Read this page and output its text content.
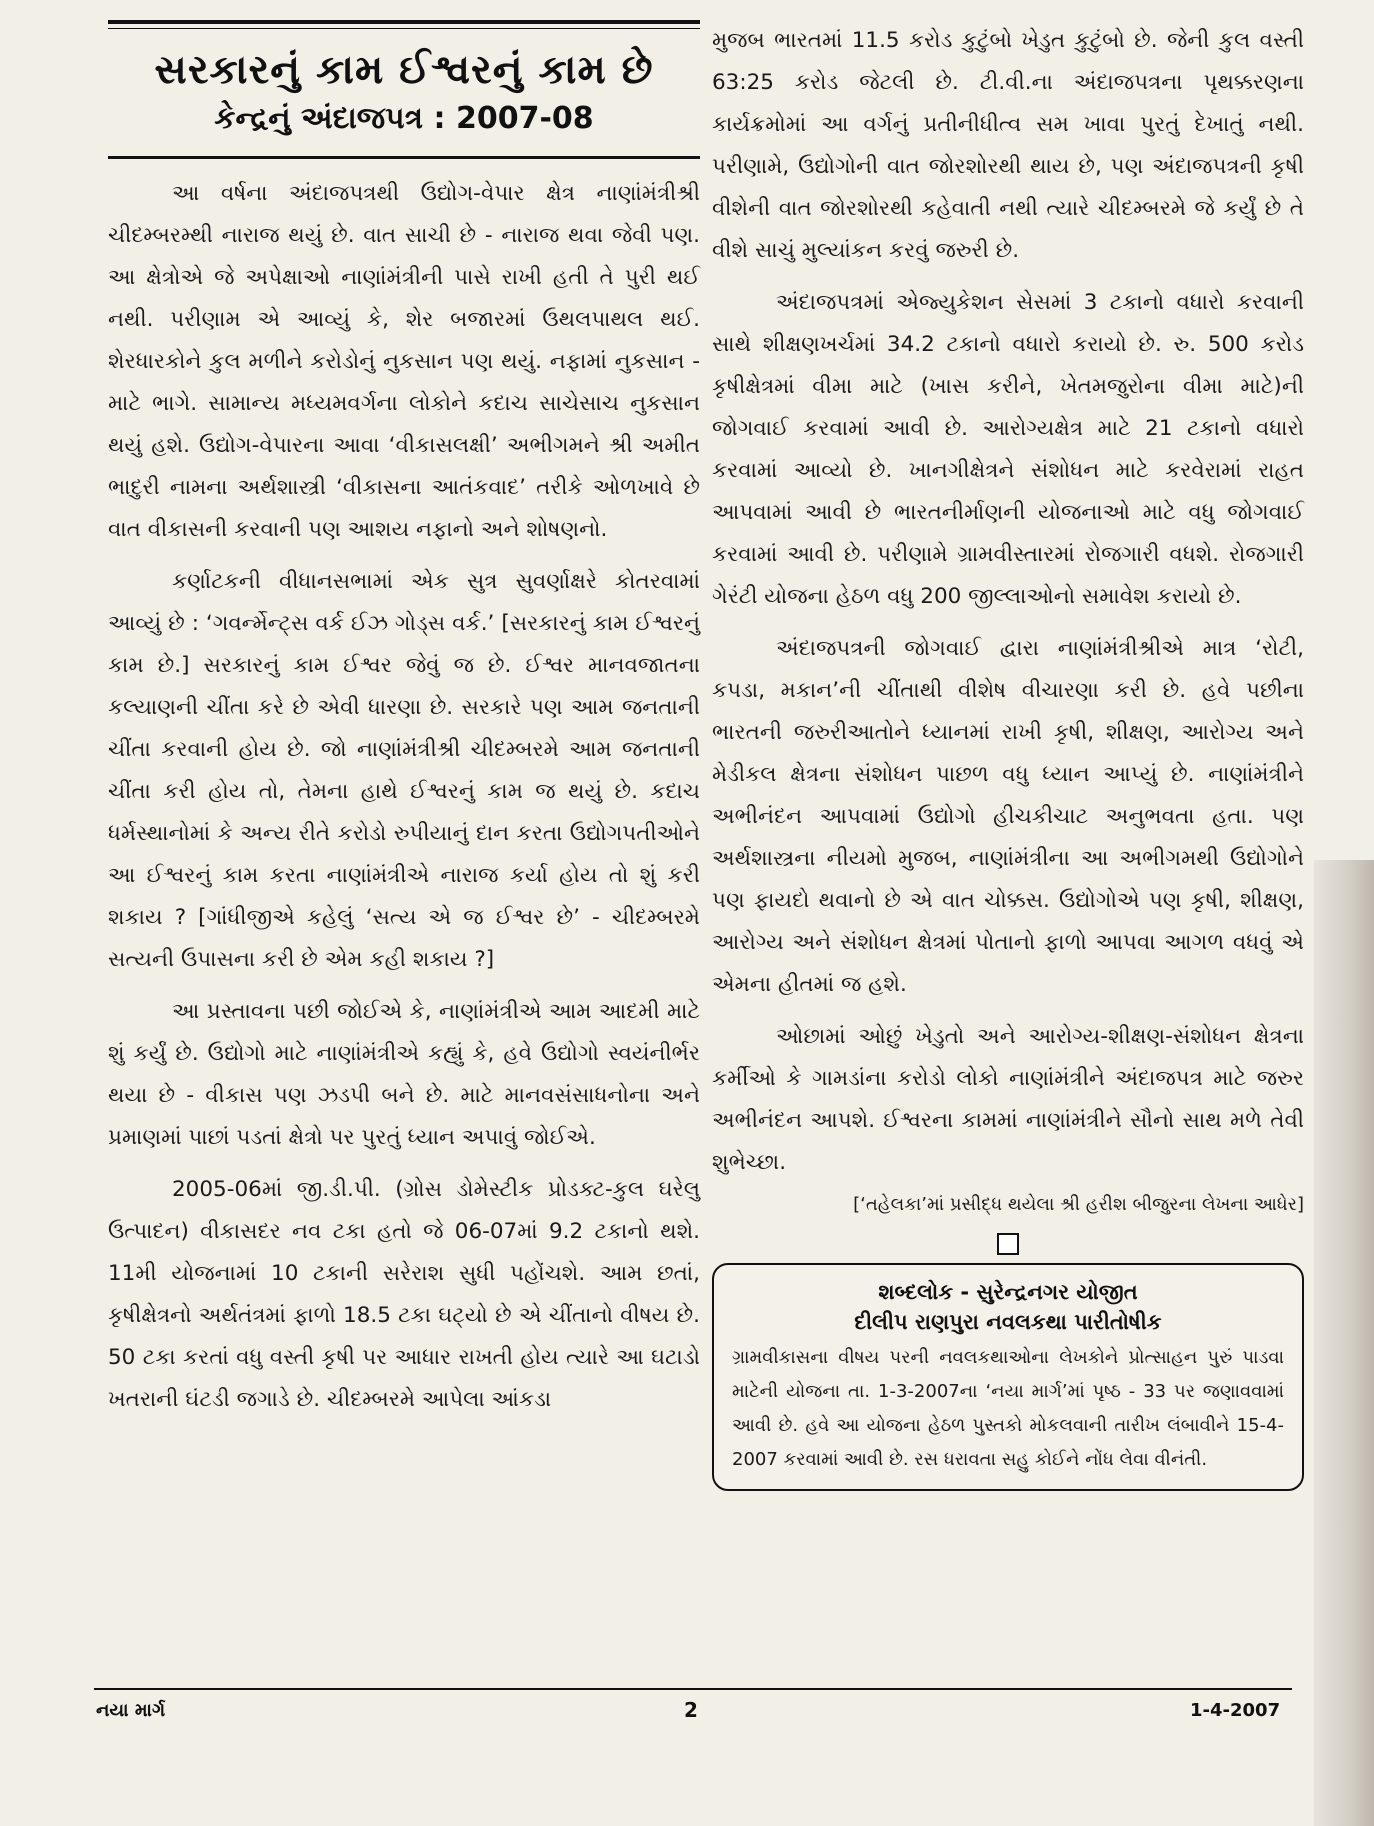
સરકારનું કામ ઈશ્વરનું કામ છે
કેન્દ્રનું અંદાજપત્ર : 2007-08

આ વર્ષના અંદાજપત્રથી ઉદ્યોગ-વેપાર ક્ષેત્ર નાણાંમંત્રીશ્રી ચીદમ્બરમ્થી નારાજ થયું છે. વાત સાચી છે - નારાજ થવા જેવી પણ. આ ક્ષેત્રોએ જે અપેક્ષાઓ નાણાંમંત્રીની પાસે રાખી હતી તે પુરી થઈ નથી. પરીણામ એ આવ્યું કે, શેર બજારમાં ઉથલપાથલ થઈ. શેરધારકોને કુલ મળીને કરોડોનું નુકસાન પણ થયું. નફામાં નુકસાન - માટે ભાગે. સામાન્ય મધ્યમવર્ગના લોકોને કદાચ સાચેસાચ નુકસાન થયું હશે. ઉદ્યોગ-વેપારના આવા ‘વીકાસલક્ષી’ અભીગમને શ્રી અમીત ભાદુરી નામના અર્થશાસ્ત્રી ‘વીકાસના આતંકવાદ’ તરીકે ઓળખાવે છે વાત વીકાસની કરવાની પણ આશય નફાનો અને શોષણનો.

કર્ણાટકની વીધાનસભામાં એક સુત્ર સુવર્ણાક્ષરે કોતરવામાં આવ્યું છે : ‘ગવર્ન્મેન્ટ્સ વર્ક ઈઝ ગોડ્સ વર્ક.’ [સરકારનું કામ ઈશ્વરનું કામ છે.] સરકારનું કામ ઈશ્વર જેવું જ છે. ઈશ્વર માનવજાતના કલ્યાણની ચીંતા કરે છે એવી ધારણા છે. સરકારે પણ આમ જનતાની ચીંતા કરવાની હોય છે. જો નાણાંમંત્રીશ્રી ચીદમ્બરમે આમ જનતાની ચીંતા કરી હોય તો, તેમના હાથે ઈશ્વરનું કામ જ થયું છે. કદાચ ધર્મસ્થાનોમાં કે અન્ય રીતે કરોડો રુપીયાનું દાન કરતા ઉદ્યોગપતીઓને આ ઈશ્વરનું કામ કરતા નાણાંમંત્રીએ નારાજ કર્યા હોય તો શું કરી શકાય ? [ગાંધીજીએ કહેલું ‘સત્ય એ જ ઈશ્વર છે’ - ચીદમ્બરમે સત્યની ઉપાસના કરી છે એમ કહી શકાય ?]

આ પ્રસ્તાવના પછી જોઈએ કે, નાણાંમંત્રીએ આમ આદમી માટે શું કર્યું છે. ઉદ્યોગો માટે નાણાંમંત્રીએ કહ્યું કે, હવે ઉદ્યોગો સ્વયંનીર્ભર થયા છે - વીકાસ પણ ઝડપી બને છે. માટે માનવસંસાધનોના અને પ્રમાણમાં પાછાં પડતાં ક્ષેત્રો પર પુરતું ધ્યાન અપાવું જોઈએ.

2005-06માં જી.ડી.પી. (ગ્રોસ ડોમેસ્ટીક પ્રોડક્ટ-કુલ ઘરેલુ ઉત્પાદન) વીકાસદર નવ ટકા હતો જે 06-07માં 9.2 ટકાનો થશે. 11મી યોજનામાં 10 ટકાની સરેરાશ સુધી પહોંચશે. આમ છતાં, કૃષીક્ષેત્રનો અર્થતંત્રમાં ફાળો 18.5 ટકા ઘટ્યો છે એ ચીંતાનો વીષય છે. 50 ટકા કરતાં વધુ વસ્તી કૃષી પર આધાર રાખતી હોય ત્યારે આ ઘટાડો ખતરાની ઘંટડી જગાડે છે. ચીદમ્બરમે આપેલા આંકડા

મુજબ ભારતમાં 11.5 કરોડ કુટુંબો ખેડુત કુટુંબો છે. જેની કુલ વસ્તી 63:25 કરોડ જેટલી છે. ટી.વી.ના અંદાજપત્રના પૃથક્કરણના કાર્યક્રમોમાં આ વર્ગનું પ્રતીનીધીત્વ સમ ખાવા પુરતું દેખાતું નથી. પરીણામે, ઉદ્યોગોની વાત જોરશોરથી થાય છે, પણ અંદાજપત્રની કૃષી વીશેની વાત જોરશોરથી કહેવાતી નથી ત્યારે ચીદમ્બરમે જે કર્યું છે તે વીશે સાચું મુલ્યાંકન કરવું જરુરી છે.

અંદાજપત્રમાં એજ્યુકેશન સેસમાં 3 ટકાનો વધારો કરવાની સાથે શીક્ષણખર્ચમાં 34.2 ટકાનો વધારો કરાયો છે. રુ. 500 કરોડ કૃષીક્ષેત્રમાં વીમા માટે (ખાસ કરીને, ખેતમજુરોના વીમા માટે)ની જોગવાઈ કરવામાં આવી છે. આરોગ્યક્ષેત્ર માટે 21 ટકાનો વધારો કરવામાં આવ્યો છે. ખાનગીક્ષેત્રને સંશોધન માટે કરવેરામાં રાહત આપવામાં આવી છે ભારતનીર્માણની યોજનાઓ માટે વધુ જોગવાઈ કરવામાં આવી છે. પરીણામે ગ્રામવીસ્તારમાં રોજગારી વધશે. રોજગારી ગેરંટી યોજના હેઠળ વધુ 200 જીલ્લાઓનો સમાવેશ કરાયો છે.

અંદાજપત્રની જોગવાઈ દ્વારા નાણાંમંત્રીશ્રીએ માત્ર ‘રોટી, કપડા, મકાન’ની ચીંતાથી વીશેષ વીચારણા કરી છે. હવે પછીના ભારતની જરુરીઆતોને ધ્યાનમાં રાખી કૃષી, શીક્ષણ, આરોગ્ય અને મેડીકલ ક્ષેત્રના સંશોધન પાછળ વધુ ધ્યાન આપ્યું છે. નાણાંમંત્રીને અભીનંદન આપવામાં ઉદ્યોગો હીચકીચાટ અનુભવતા હતા. પણ અર્થશાસ્ત્રના નીયમો મુજબ, નાણાંમંત્રીના આ અભીગમથી ઉદ્યોગોને પણ ફાયદો થવાનો છે એ વાત ચોક્કસ. ઉદ્યોગોએ પણ કૃષી, શીક્ષણ, આરોગ્ય અને સંશોધન ક્ષેત્રમાં પોતાનો ફાળો આપવા આગળ વધવું એ એમના હીતમાં જ હશે.

ઓછામાં ઓછું ખેડુતો અને આરોગ્ય-શીક્ષણ-સંશોધન ક્ષેત્રના કર્મીઓ કે ગામડાંના કરોડો લોકો નાણાંમંત્રીને અંદાજપત્ર માટે જરુર અભીનંદન આપશે. ઈશ્વરના કામમાં નાણાંમંત્રીને સૌનો સાથ મળે તેવી શુભેચ્છા.

[‘તહેલકા’માં પ્રસીદ્ધ થયેલા શ્રી હરીશ બીજુરના લેખના આધેર]
શબ્દલોક - સુરેન્દ્રનગર યોજીત
દીલીપ રાણપુરા નવલકથા પારીતોષીક
ગ્રામવીકાસના વીષય પરની નવલકથાઓના લેખકોને પ્રોત્સાહન પુરું પાડવા માટેની યોજના તા. 1-3-2007ના ‘નયા માર્ગ’માં પૃષ્ઠ - 33 પર જણાવવામાં આવી છે. હવે આ યોજના હેઠળ પુસ્તકો મોકલવાની તારીખ લંબાવીને 15-4-2007 કરવામાં આવી છે. રસ ધરાવતા સહુ કોઈને નોંધ લેવા વીનંતી.
નયા માર્ગ	2	1-4-2007
